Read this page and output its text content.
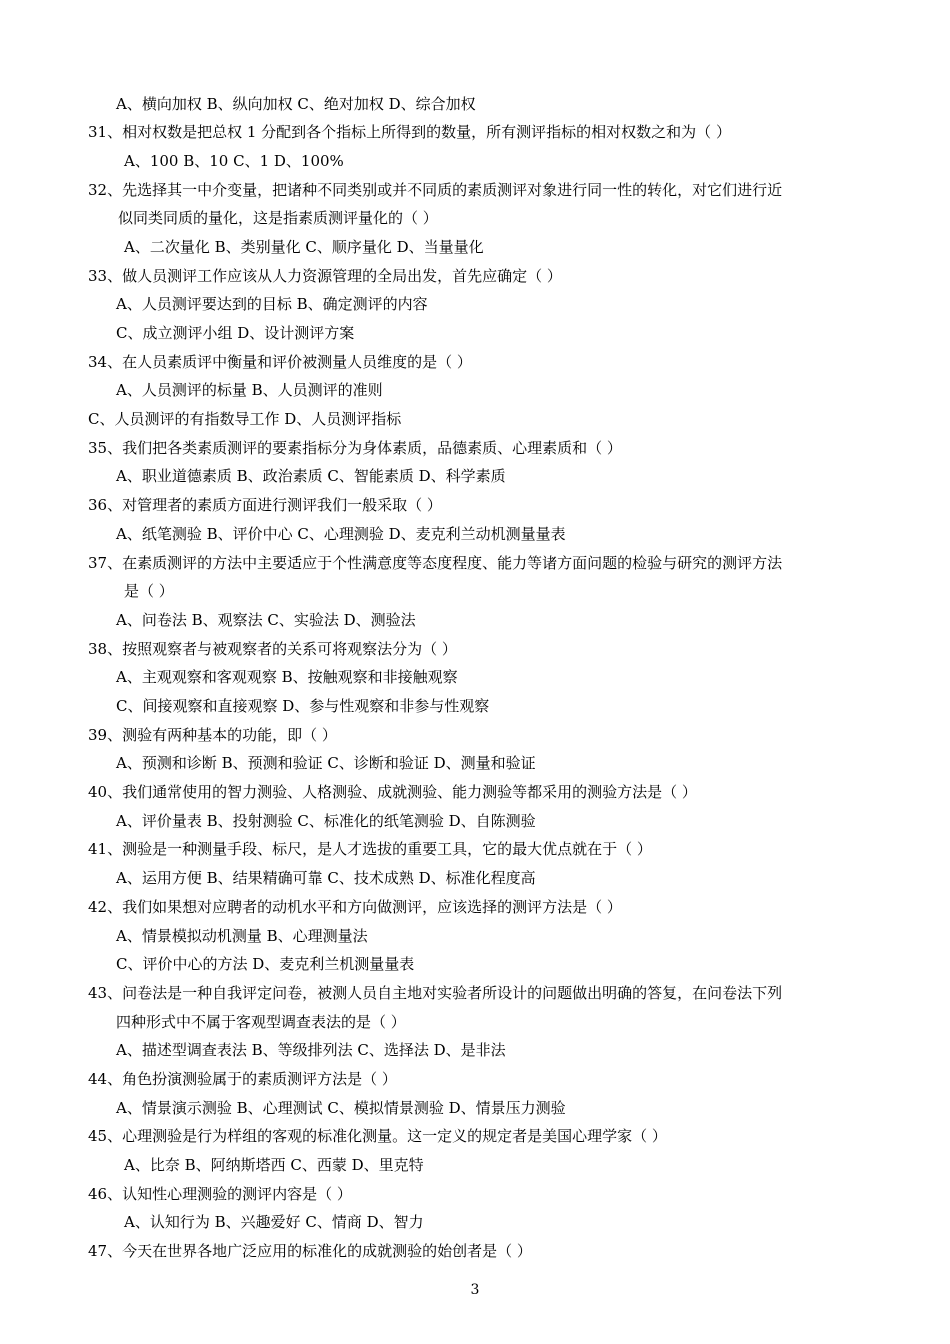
A、横向加权 B、纵向加权 C、绝对加权 D、综合加权
31、相对权数是把总权 1 分配到各个指标上所得到的数量，所有测评指标的相对权数之和为（ ）
A、100 B、10 C、1 D、100%
32、先选择其一中介变量，把诸种不同类别或并不同质的素质测评对象进行同一性的转化，对它们进行近
似同类同质的量化，这是指素质测评量化的（ ）
A、二次量化 B、类别量化 C、顺序量化 D、当量量化
33、做人员测评工作应该从人力资源管理的全局出发，首先应确定（ ）
A、人员测评要达到的目标 B、确定测评的内容
C、成立测评小组 D、设计测评方案
34、在人员素质评中衡量和评价被测量人员维度的是（ ）
A、人员测评的标量 B、人员测评的准则
C、人员测评的有指数导工作 D、人员测评指标
35、我们把各类素质测评的要素指标分为身体素质，品德素质、心理素质和（ ）
A、职业道德素质 B、政治素质 C、智能素质 D、科学素质
36、对管理者的素质方面进行测评我们一般采取（ ）
A、纸笔测验 B、评价中心 C、心理测验 D、麦克利兰动机测量量表
37、在素质测评的方法中主要适应于个性满意度等态度程度、能力等诸方面问题的检验与研究的测评方法
是（ ）
A、问卷法 B、观察法 C、实验法 D、测验法
38、按照观察者与被观察者的关系可将观察法分为（ ）
A、主观观察和客观观察 B、按触观察和非接触观察
C、间接观察和直接观察 D、参与性观察和非参与性观察
39、测验有两种基本的功能，即（ ）
A、预测和诊断 B、预测和验证 C、诊断和验证 D、测量和验证
40、我们通常使用的智力测验、人格测验、成就测验、能力测验等都采用的测验方法是（ ）
A、评价量表 B、投射测验 C、标准化的纸笔测验 D、自陈测验
41、测验是一种测量手段、标尺，是人才选拔的重要工具，它的最大优点就在于（ ）
A、运用方便 B、结果精确可靠 C、技术成熟 D、标准化程度高
42、我们如果想对应聘者的动机水平和方向做测评，应该选择的测评方法是（ ）
A、情景模拟动机测量 B、心理测量法
C、评价中心的方法 D、麦克利兰机测量量表
43、问卷法是一种自我评定问卷，被测人员自主地对实验者所设计的问题做出明确的答复，在问卷法下列
四种形式中不属于客观型调查表法的是（ ）
A、描述型调查表法 B、等级排列法 C、选择法 D、是非法
44、角色扮演测验属于的素质测评方法是（ ）
A、情景演示测验 B、心理测试 C、模拟情景测验 D、情景压力测验
45、心理测验是行为样组的客观的标准化测量。这一定义的规定者是美国心理学家（ ）
A、比奈 B、阿纳斯塔西 C、西蒙 D、里克特
46、认知性心理测验的测评内容是（ ）
A、认知行为 B、兴趣爱好 C、情商 D、智力
47、今天在世界各地广泛应用的标准化的成就测验的始创者是（ ）
3
